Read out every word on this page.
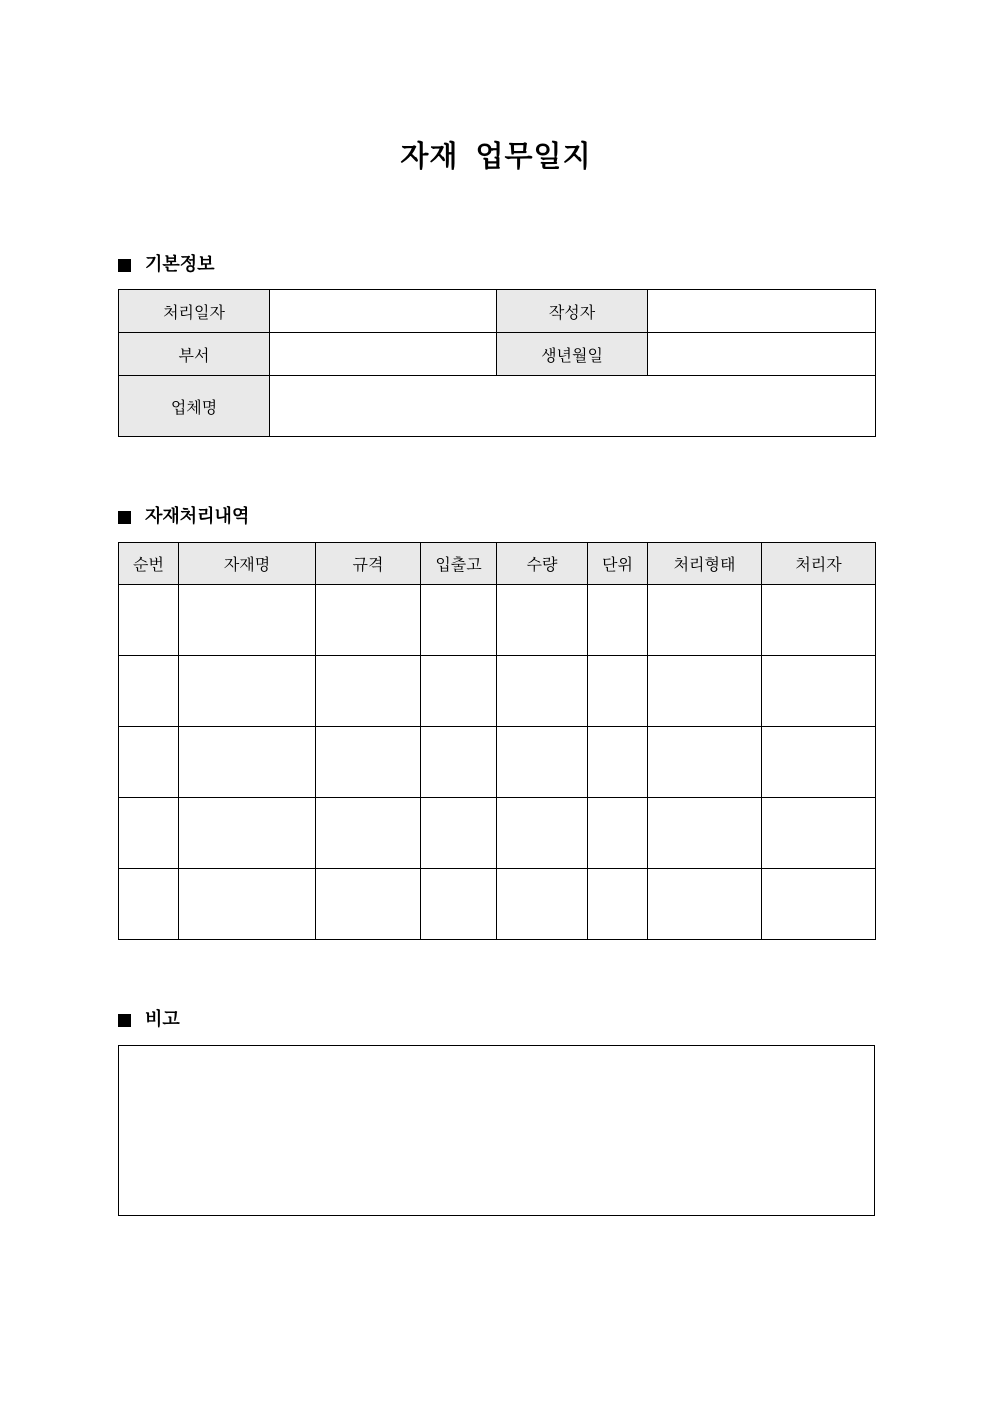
자재 업무일지
기본정보
처리일자		작성자	
부서		생년월일	
업체명			
자재처리내역
순번	자재명	규격	입출고	수량	단위	처리형태	처리자

비고
